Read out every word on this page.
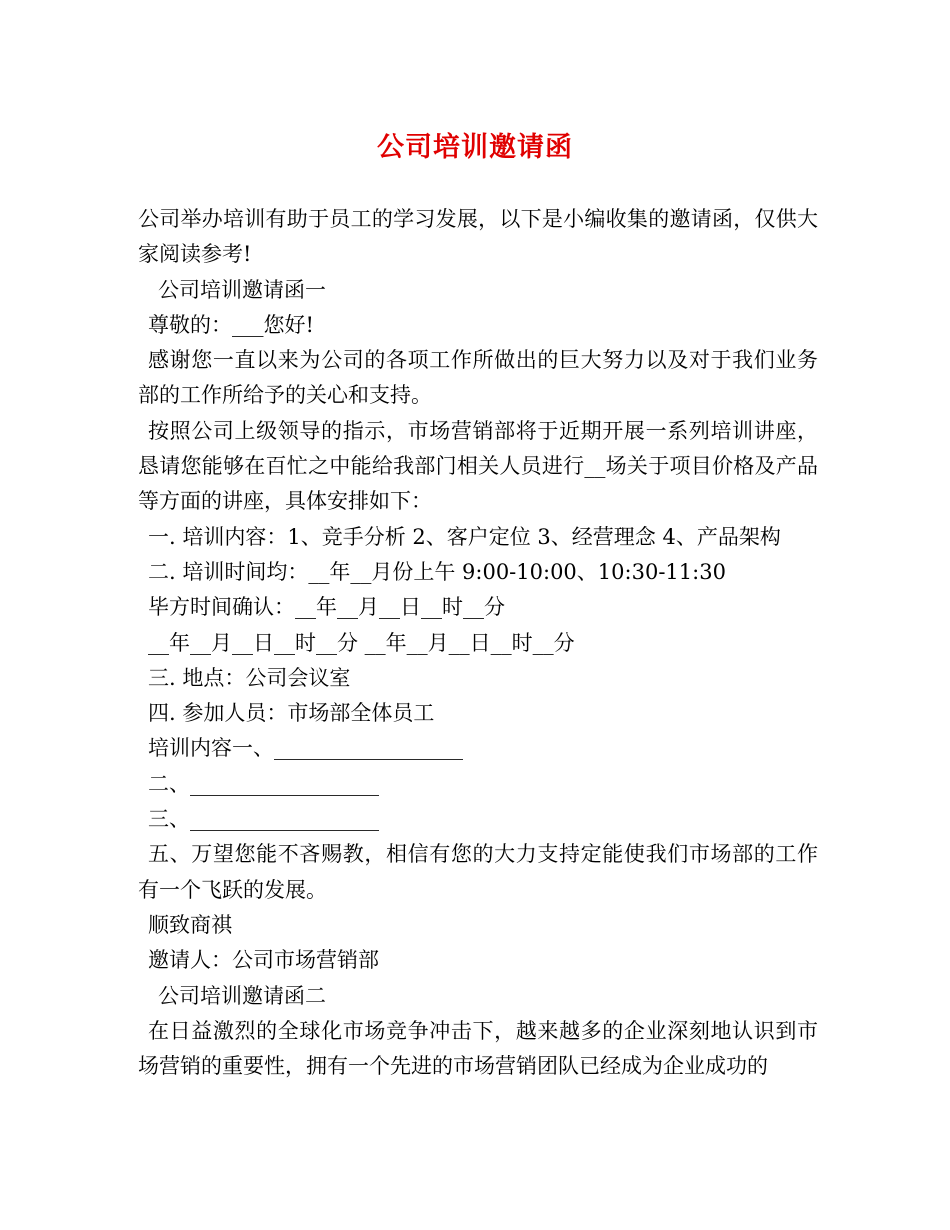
公司培训邀请函

公司举办培训有助于员工的学习发展，以下是小编收集的邀请函，仅供大家阅读参考!

公司培训邀请函一

尊敬的：___您好!

感谢您一直以来为公司的各项工作所做出的巨大努力以及对于我们业务部的工作所给予的关心和支持。

按照公司上级领导的指示，市场营销部将于近期开展一系列培训讲座，恳请您能够在百忙之中能给我部门相关人员进行__场关于项目价格及产品等方面的讲座，具体安排如下：

一. 培训内容：1、竞手分析 2、客户定位 3、经营理念 4、产品架构

二. 培训时间均：__年__月份上午 9:00-10:00、10:30-11:30

毕方时间确认：__年__月__日__时__分

__年__月__日__时__分 __年__月__日__时__分

三. 地点：公司会议室

四. 参加人员：市场部全体员工

培训内容一、__________________

二、__________________

三、__________________

五、万望您能不吝赐教，相信有您的大力支持定能使我们市场部的工作有一个飞跃的发展。

顺致商祺

邀请人：公司市场营销部

公司培训邀请函二

在日益激烈的全球化市场竞争冲击下，越来越多的企业深刻地认识到市场营销的重要性，拥有一个先进的市场营销团队已经成为企业成功的
